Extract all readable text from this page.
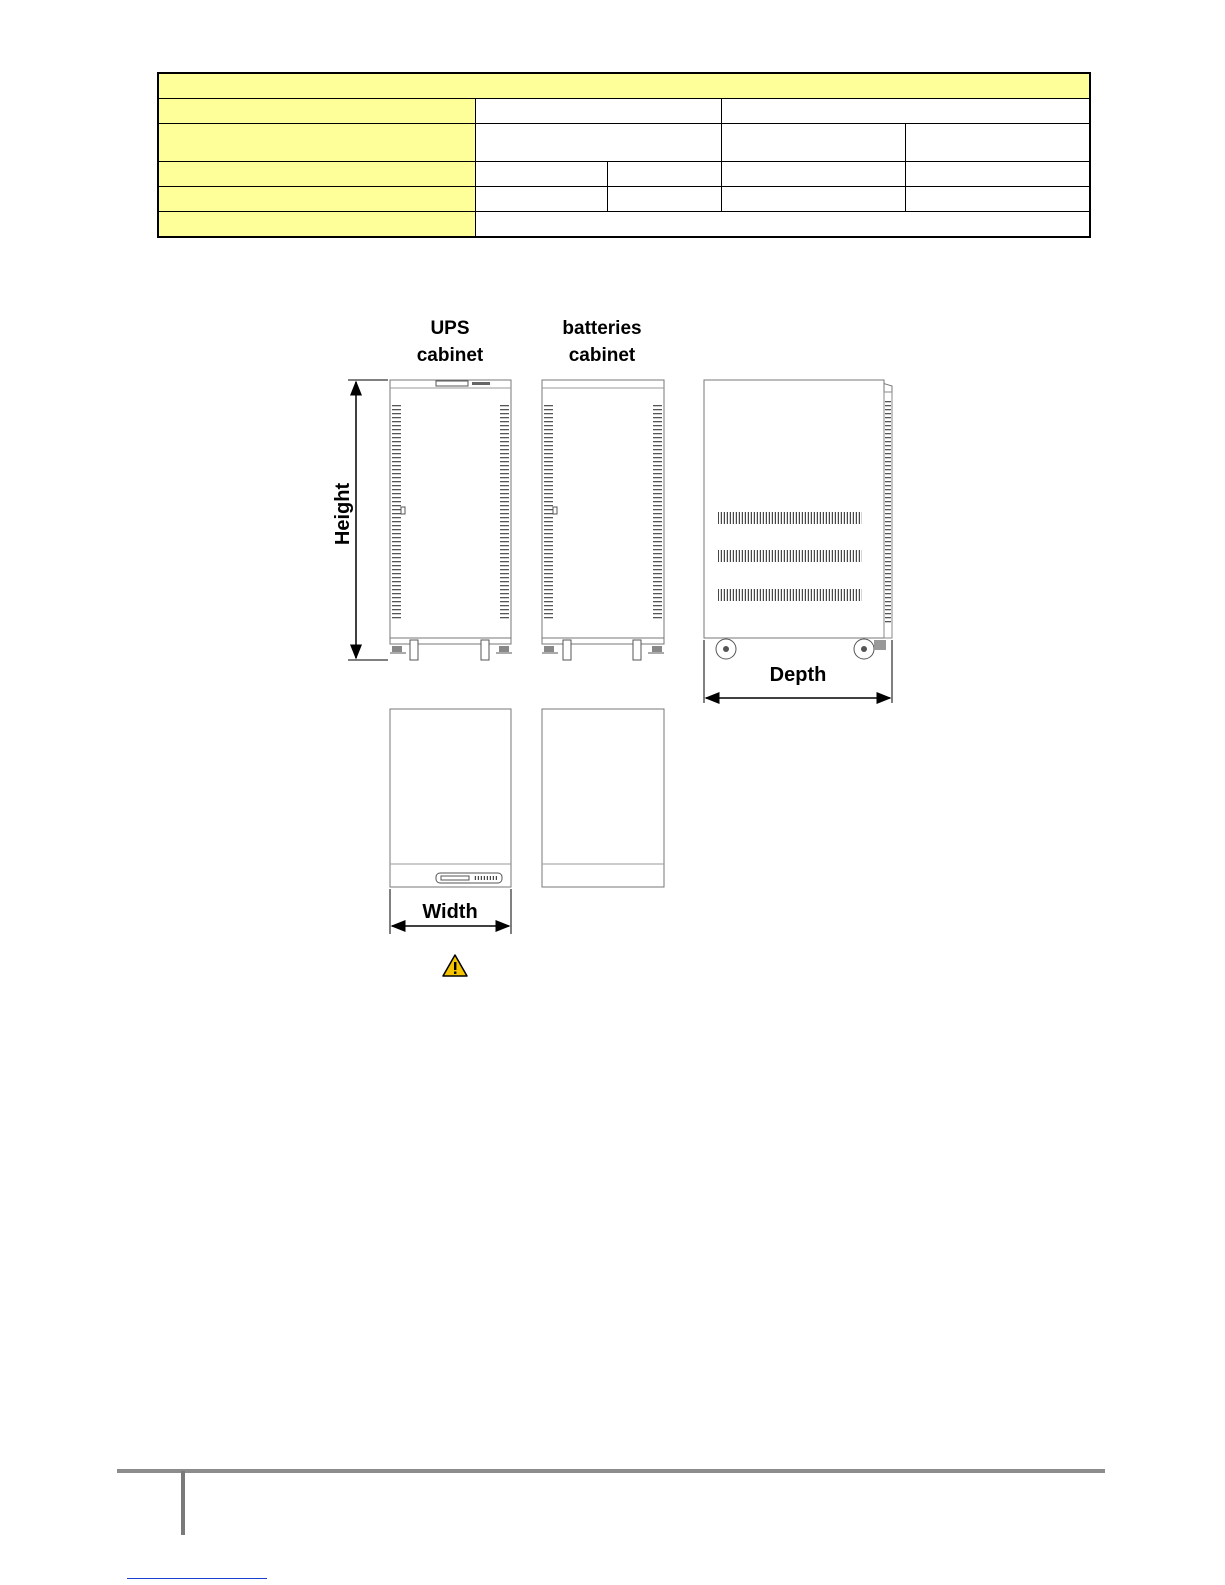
UPS
cabinet
batteries
cabinet
Height
Depth
Width
